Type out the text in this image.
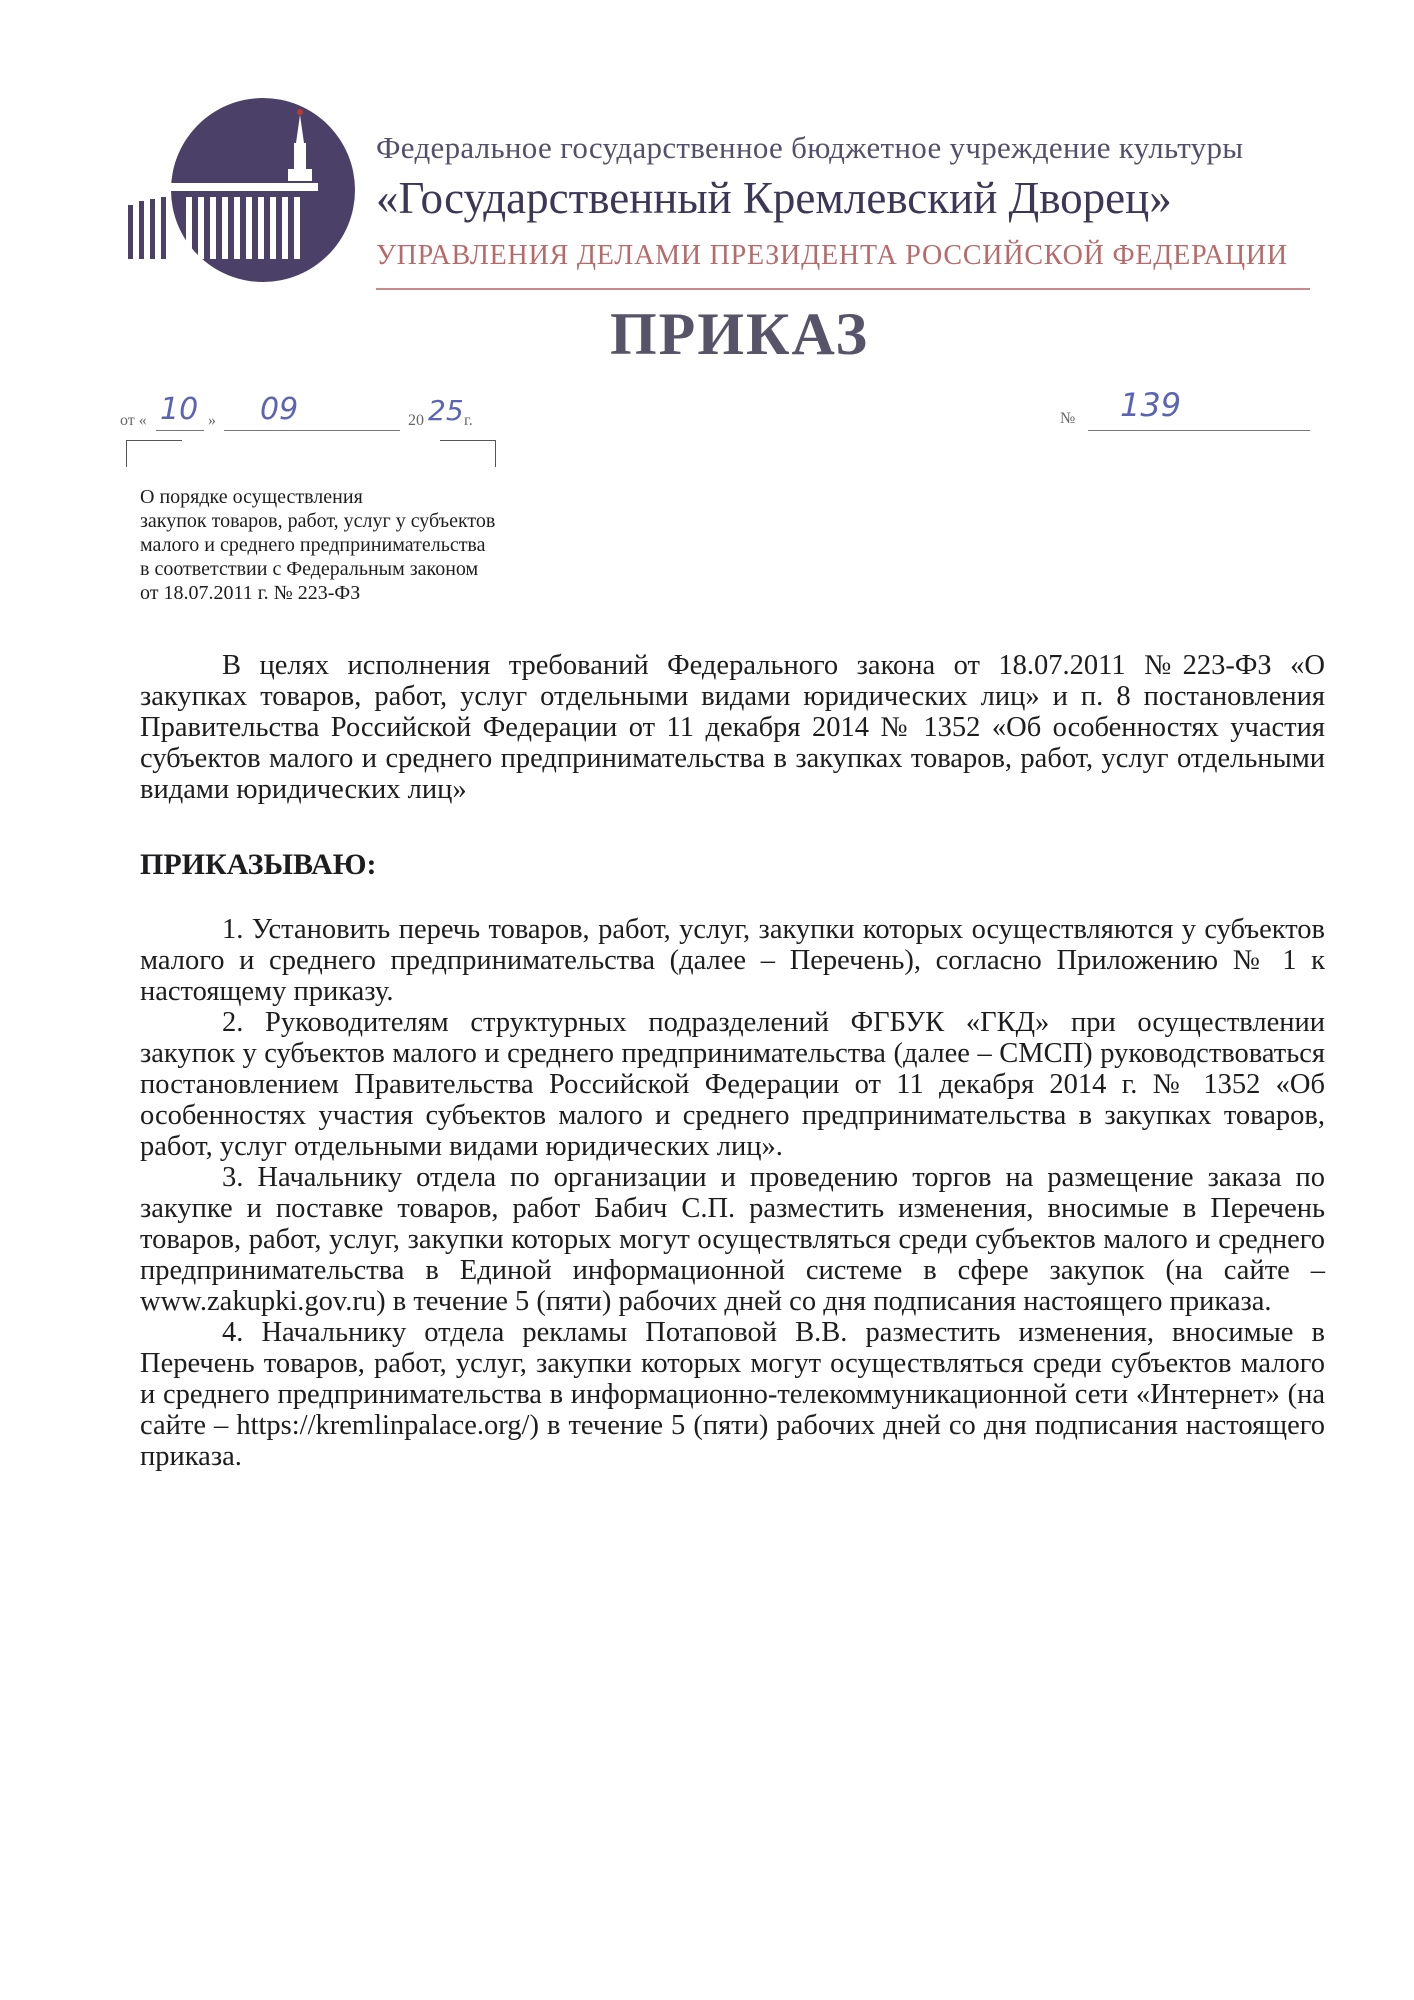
Федеральное государственное бюджетное учреждение культуры
«Государственный Кремлевский Дворец»
УПРАВЛЕНИЯ ДЕЛАМИ ПРЕЗИДЕНТА РОССИЙСКОЙ ФЕДЕРАЦИИ
ПРИКАЗ
от « 10 » 09	20 25 г.	№ 139
О порядке осуществления
закупок товаров, работ, услуг у субъектов
малого и среднего предпринимательства
в соответствии с Федеральным законом
от 18.07.2011 г. № 223-ФЗ

В целях исполнения требований Федерального закона от 18.07.2011 №223-ФЗ «О закупках товаров, работ, услуг отдельными видами юридических лиц» и п. 8 постановления Правительства Российской Федерации от 11 декабря 2014 № 1352 «Об особенностях участия субъектов малого и среднего предпринимательства в закупках товаров, работ, услуг отдельными видами юридических лиц»

ПРИКАЗЫВАЮ:

1. Установить перечь товаров, работ, услуг, закупки которых осуществляются у субъектов малого и среднего предпринимательства (далее – Перечень), согласно Приложению № 1 к настоящему приказу.

2. Руководителям структурных подразделений ФГБУК «ГКД» при осуществлении закупок у субъектов малого и среднего предпринимательства (далее – СМСП) руководствоваться постановлением Правительства Российской Федерации от 11 декабря 2014 г. № 1352 «Об особенностях участия субъектов малого и среднего предпринимательства в закупках товаров, работ, услуг отдельными видами юридических лиц».

3. Начальнику отдела по организации и проведению торгов на размещение заказа по закупке и поставке товаров, работ Бабич С.П. разместить изменения, вносимые в Перечень товаров, работ, услуг, закупки которых могут осуществляться среди субъектов малого и среднего предпринимательства в Единой информационной системе в сфере закупок (на сайте – www.zakupki.gov.ru) в течение 5 (пяти) рабочих дней со дня подписания настоящего приказа.

4. Начальнику отдела рекламы Потаповой В.В. разместить изменения, вносимые в Перечень товаров, работ, услуг, закупки которых могут осуществляться среди субъектов малого и среднего предпринимательства в информационно-телекоммуникационной сети «Интернет» (на сайте – https://kremlinpalace.org/) в течение 5 (пяти) рабочих дней со дня подписания настоящего приказа.
